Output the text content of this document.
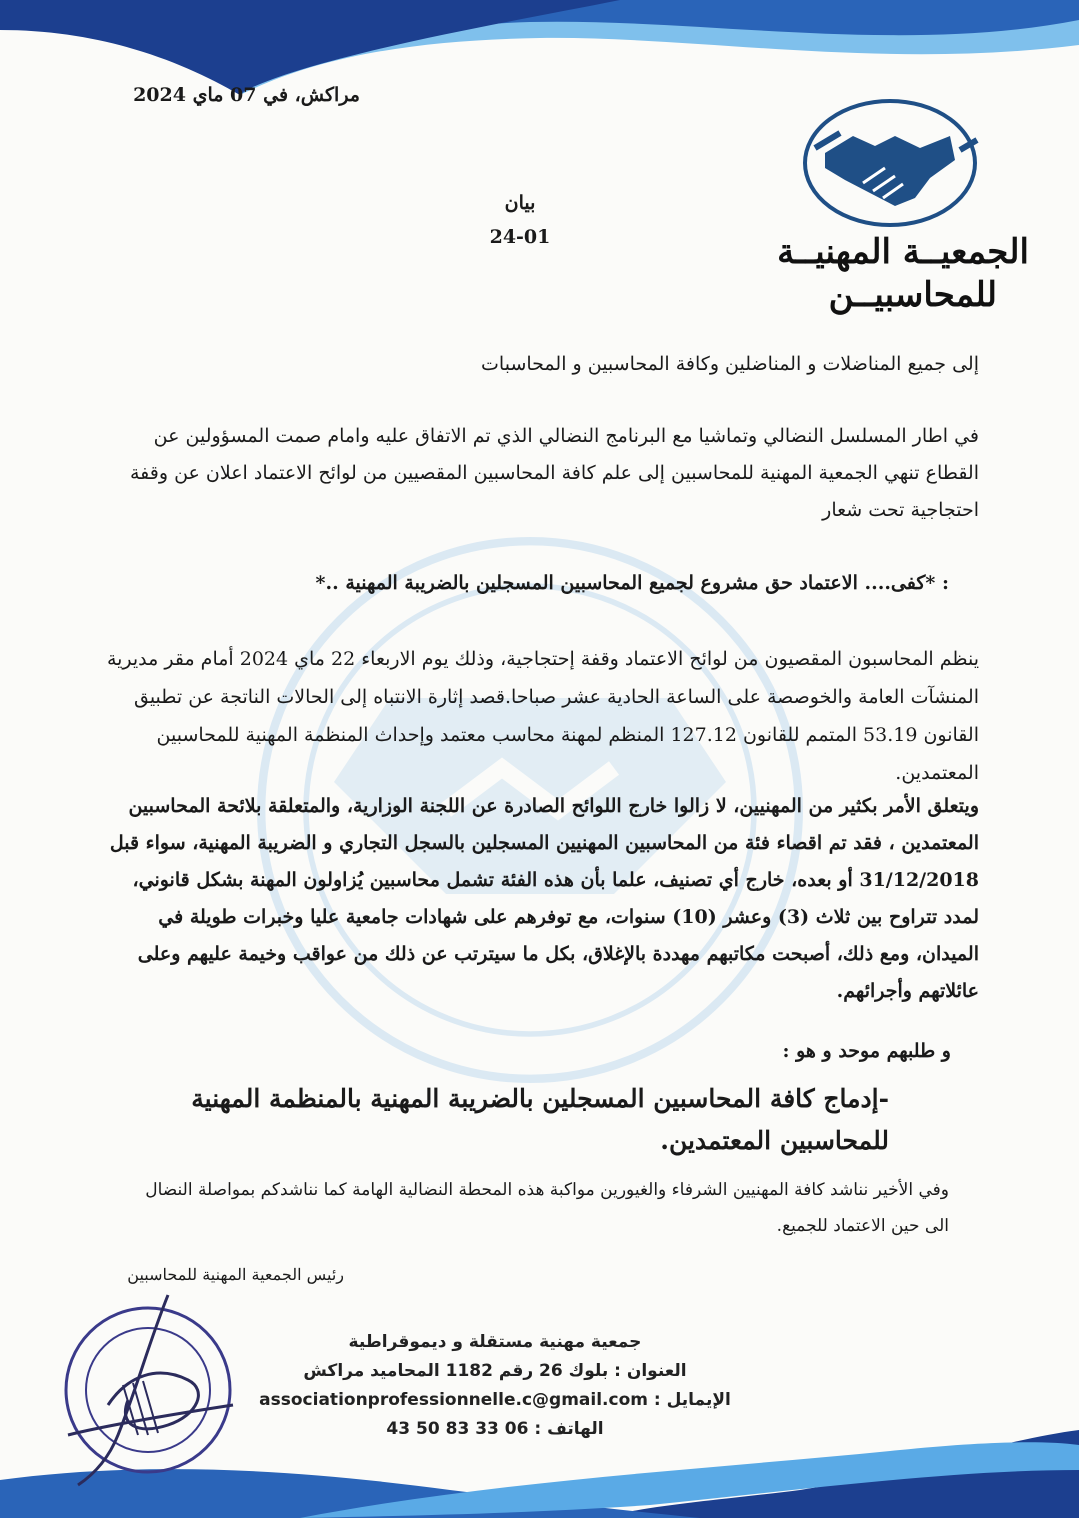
مراكش، في 07 ماي 2024
بيان
24-01	الجمعيــة المهنيــة
للمحاسبيــن
إلى جميع المناضلات و المناضلين وكافة المحاسبين و المحاسبات
في اطار المسلسل النضالي وتماشيا مع البرنامج النضالي الذي تم الاتفاق عليه وامام صمت المسؤولين عن القطاع تنهي الجمعية المهنية للمحاسبين إلى علم كافة المحاسبين المقصيين من لوائح الاعتماد اعلان عن وقفة احتجاجية تحت شعار
: *كفى.... الاعتماد حق مشروع لجميع المحاسبين المسجلين بالضريبة المهنية ..*
ينظم المحاسبون المقصيون من لوائح الاعتماد وقفة إحتجاجية، وذلك يوم الاربعاء 22 ماي 2024 أمام مقر مديرية المنشآت العامة والخوصصة على الساعة الحادية عشر صباحا.قصد إثارة الانتباه إلى الحالات الناتجة عن تطبيق القانون 53.19 المتمم للقانون 127.12 المنظم لمهنة محاسب معتمد وإحداث المنظمة المهنية للمحاسبين المعتمدين.
ويتعلق الأمر بكثير من المهنيين، لا زالوا خارج اللوائح الصادرة عن اللجنة الوزارية، والمتعلقة بلائحة المحاسبين المعتمدين ، فقد تم اقصاء فئة من المحاسبين المهنيين المسجلين بالسجل التجاري و الضريبة المهنية، سواء قبل 31/12/2018 أو بعده، خارج أي تصنيف، علما بأن هذه الفئة تشمل محاسبين يُزاولون المهنة بشكل قانوني، لمدد تتراوح بين ثلاث (3) وعشر (10) سنوات، مع توفرهم على شهادات جامعية عليا وخبرات طويلة في الميدان، ومع ذلك، أصبحت مكاتبهم مهددة بالإغلاق، بكل ما سيترتب عن ذلك من عواقب وخيمة عليهم وعلى عائلاتهم وأجرائهم.
و طلبهم موحد و هو :
-إدماج كافة المحاسبين المسجلين بالضريبة المهنية بالمنظمة المهنية للمحاسبين المعتمدين.
وفي الأخير نناشد كافة المهنيين الشرفاء والغيورين مواكبة هذه المحطة النضالية الهامة كما نناشدكم بمواصلة النضال الى حين الاعتماد للجميع.
رئيس الجمعية المهنية للمحاسبين
جمعية مهنية مستقلة و ديموقراطية
العنوان : بلوك 26 رقم 1182 المحاميد مراكش
الإيمايل : associationprofessionnelle.c@gmail.com
الهاتف : 06 33 83 50 43
